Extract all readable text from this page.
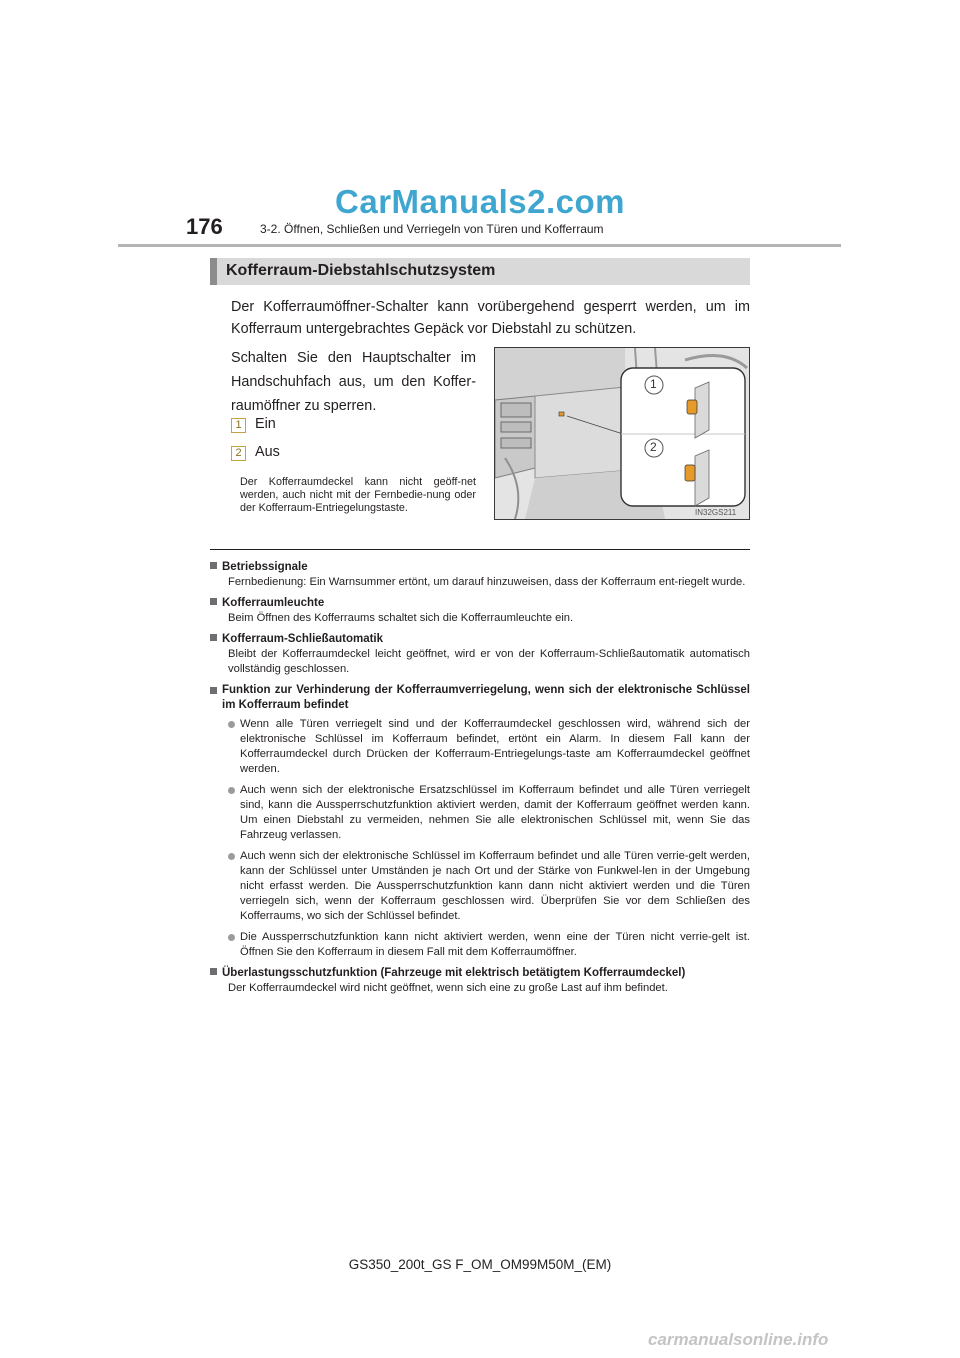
CarManuals2.com
176	3-2. Öffnen, Schließen und Verriegeln von Türen und Kofferraum
Kofferraum-Diebstahlschutzsystem
Der Kofferraumöffner-Schalter kann vorübergehend gesperrt werden, um im Kofferraum untergebrachtes Gepäck vor Diebstahl zu schützen.
Schalten Sie den Hauptschalter im Handschuhfach aus, um den Koffer-raumöffner zu sperren.
1 Ein
2 Aus
Der Kofferraumdeckel kann nicht geöff-net werden, auch nicht mit der Fernbedie-nung oder der Kofferraum-Entriegelungstaste.
1
2
IN32GS211
Betriebssignale
Fernbedienung: Ein Warnsummer ertönt, um darauf hinzuweisen, dass der Kofferraum ent-riegelt wurde.
Kofferraumleuchte
Beim Öffnen des Kofferraums schaltet sich die Kofferraumleuchte ein.
Kofferraum-Schließautomatik
Bleibt der Kofferraumdeckel leicht geöffnet, wird er von der Kofferraum-Schließautomatik automatisch vollständig geschlossen.
Funktion zur Verhinderung der Kofferraumverriegelung, wenn sich der elektronische Schlüssel im Kofferraum befindet
Wenn alle Türen verriegelt sind und der Kofferraumdeckel geschlossen wird, während sich der elektronische Schlüssel im Kofferraum befindet, ertönt ein Alarm. In diesem Fall kann der Kofferraumdeckel durch Drücken der Kofferraum-Entriegelungs-taste am Kofferraumdeckel geöffnet werden.
Auch wenn sich der elektronische Ersatzschlüssel im Kofferraum befindet und alle Türen verriegelt sind, kann die Aussperrschutzfunktion aktiviert werden, damit der Kofferraum geöffnet werden kann. Um einen Diebstahl zu vermeiden, nehmen Sie alle elektronischen Schlüssel mit, wenn Sie das Fahrzeug verlassen.
Auch wenn sich der elektronische Schlüssel im Kofferraum befindet und alle Türen verrie-gelt werden, kann der Schlüssel unter Umständen je nach Ort und der Stärke von Funkwel-len in der Umgebung nicht erfasst werden. Die Aussperrschutzfunktion kann dann nicht aktiviert werden und die Türen verriegeln sich, wenn der Kofferraum geschlossen wird. Überprüfen Sie vor dem Schließen des Kofferraums, wo sich der Schlüssel befindet.
Die Aussperrschutzfunktion kann nicht aktiviert werden, wenn eine der Türen nicht verrie-gelt ist. Öffnen Sie den Kofferraum in diesem Fall mit dem Kofferraumöffner.
Überlastungsschutzfunktion (Fahrzeuge mit elektrisch betätigtem Kofferraumdeckel)
Der Kofferraumdeckel wird nicht geöffnet, wenn sich eine zu große Last auf ihm befindet.
GS350_200t_GS F_OM_OM99M50M_(EM)
carmanualsonline.info
